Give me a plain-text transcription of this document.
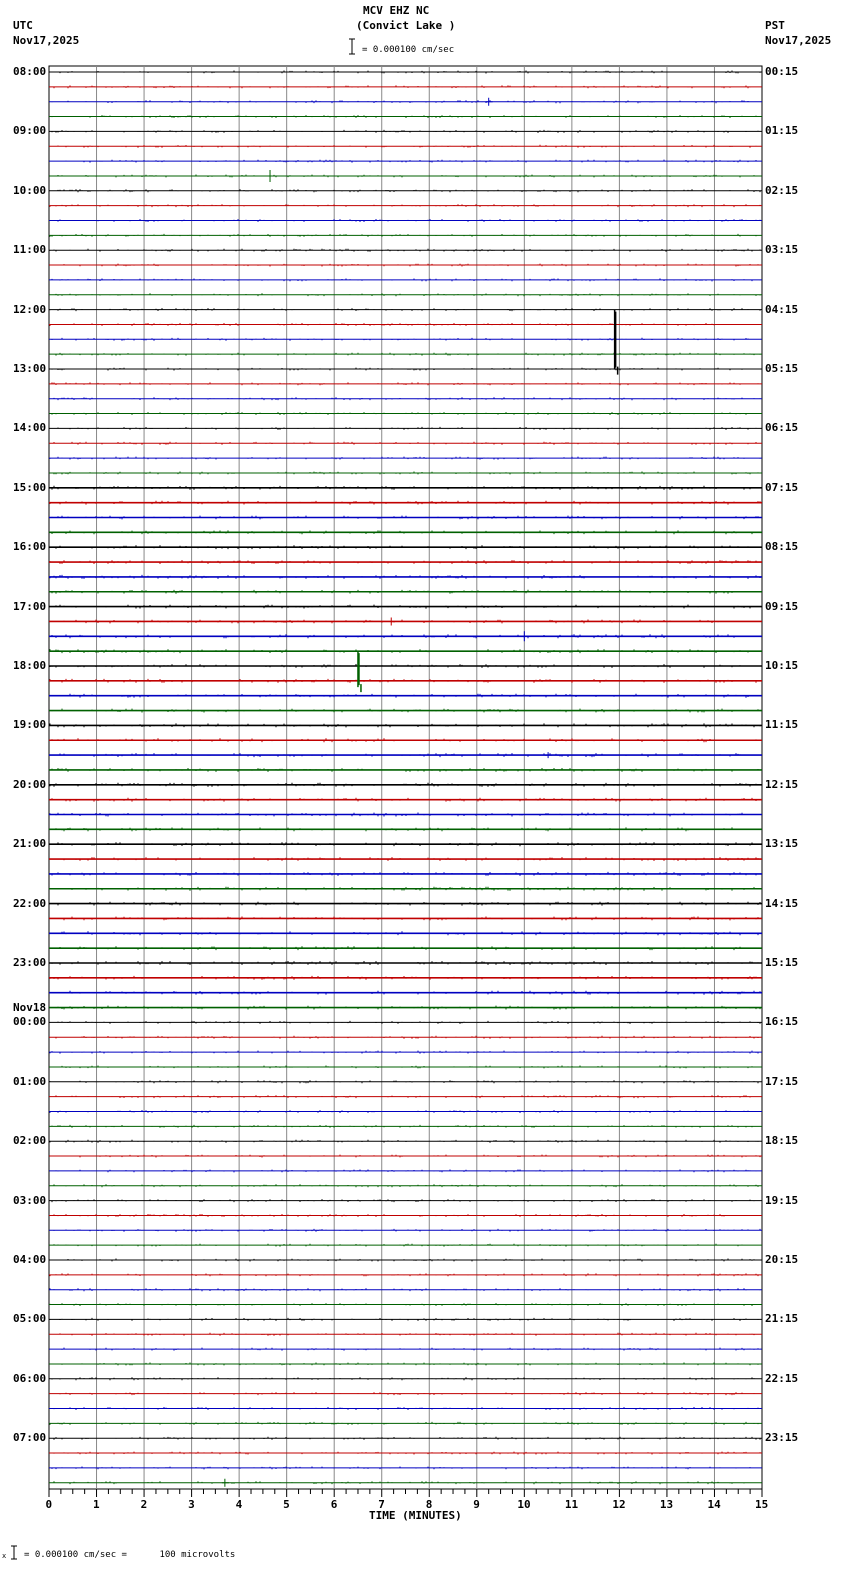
MCV EHZ NC
(Convict Lake )
UTC
Nov17,2025
PST
Nov17,2025
= 0.000100 cm/sec
x = 0.000100 cm/sec =      100 microvolts
08:00
09:00
10:00
11:00
12:00
13:00
14:00
15:00
16:00
17:00
18:00
19:00
20:00
21:00
22:00
23:00
00:00
Nov18
01:00
02:00
03:00
04:00
05:00
06:00
07:00
00:15
01:15
02:15
03:15
04:15
05:15
06:15
07:15
08:15
09:15
10:15
11:15
12:15
13:15
14:15
15:15
16:15
17:15
18:15
19:15
20:15
21:15
22:15
23:15
0	1	2	3	4	5	6	7	8	9	10	11	12	13	14	15
TIME (MINUTES)
